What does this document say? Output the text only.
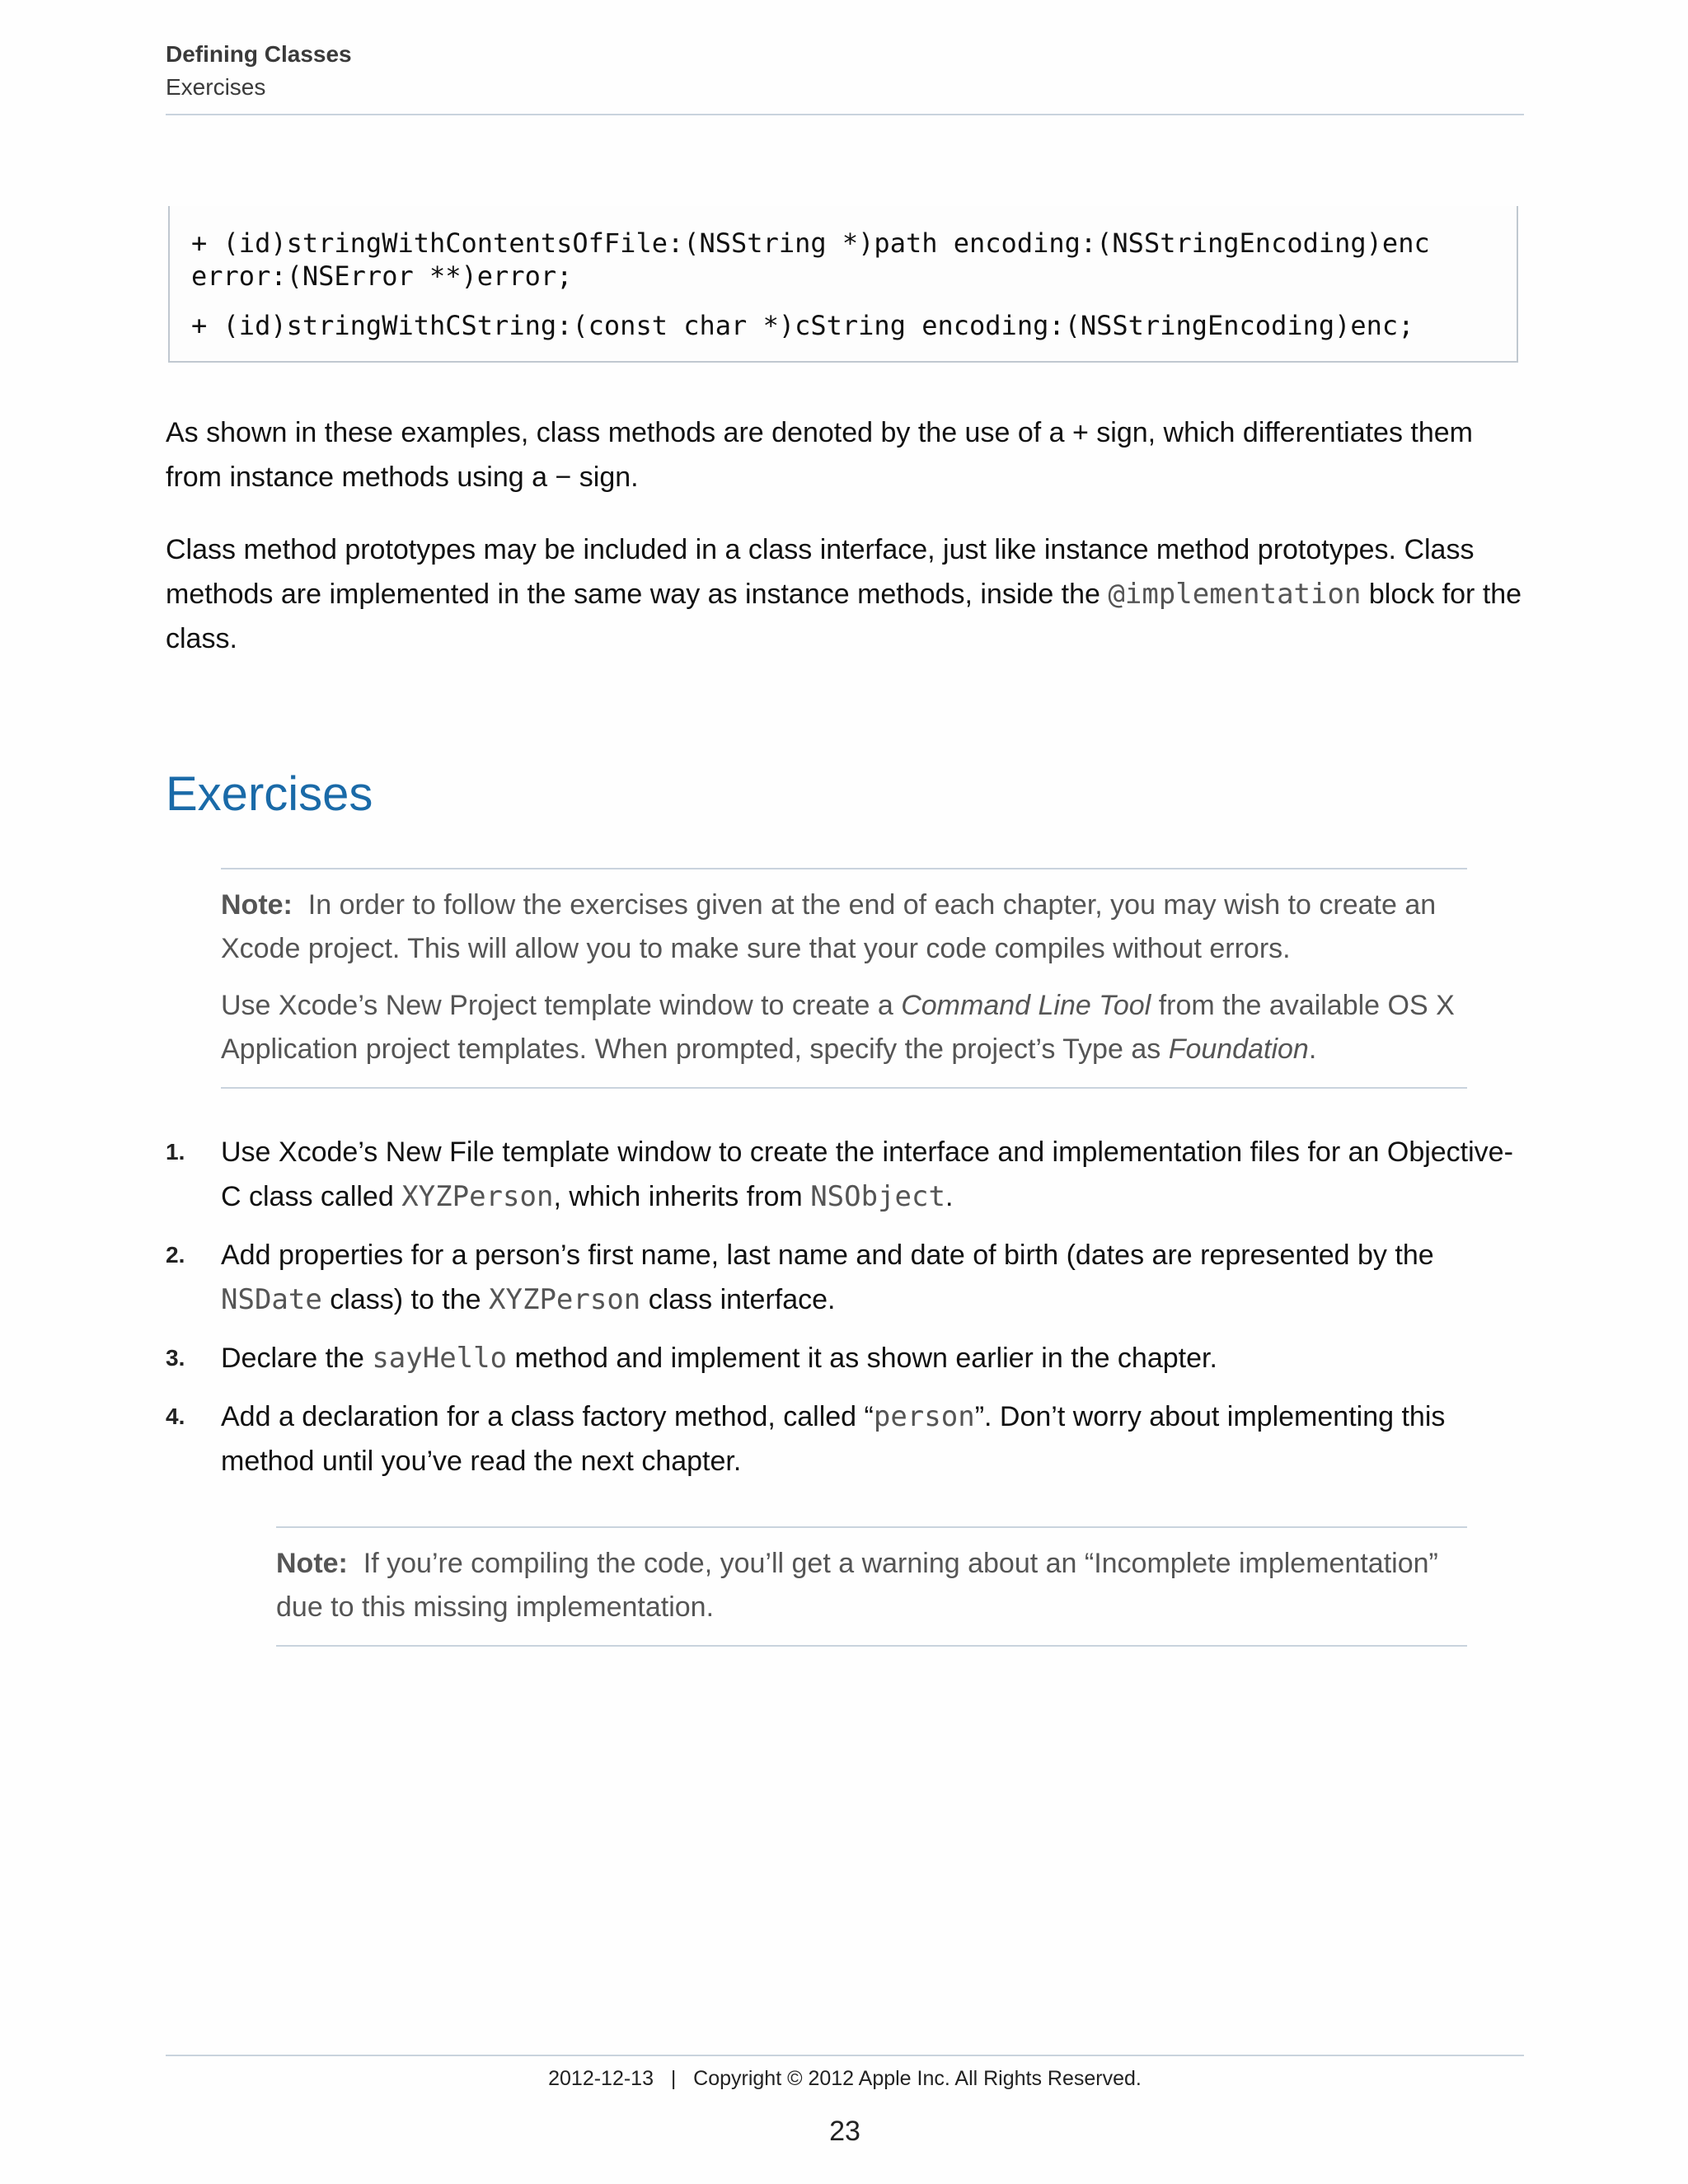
Defining Classes
Exercises
+ (id)stringWithContentsOfFile:(NSString *)path encoding:(NSStringEncoding)enc
error:(NSError **)error;
+ (id)stringWithCString:(const char *)cString encoding:(NSStringEncoding)enc;

As shown in these examples, class methods are denoted by the use of a + sign, which differentiates them from instance methods using a − sign.

Class method prototypes may be included in a class interface, just like instance method prototypes. Class methods are implemented in the same way as instance methods, inside the @implementation block for the class.

Exercises

Note: In order to follow the exercises given at the end of each chapter, you may wish to create an Xcode project. This will allow you to make sure that your code compiles without errors.

Use Xcode’s New Project template window to create a Command Line Tool from the available OS X Application project templates. When prompted, specify the project’s Type as Foundation.

1. Use Xcode’s New File template window to create the interface and implementation files for an Objective-C class called XYZPerson, which inherits from NSObject.
2. Add properties for a person’s first name, last name and date of birth (dates are represented by the NSDate class) to the XYZPerson class interface.
3. Declare the sayHello method and implement it as shown earlier in the chapter.
4. Add a declaration for a class factory method, called “person”. Don’t worry about implementing this method until you’ve read the next chapter.

Note: If you’re compiling the code, you’ll get a warning about an “Incomplete implementation” due to this missing implementation.

2012-12-13   |   Copyright © 2012 Apple Inc. All Rights Reserved.
23
